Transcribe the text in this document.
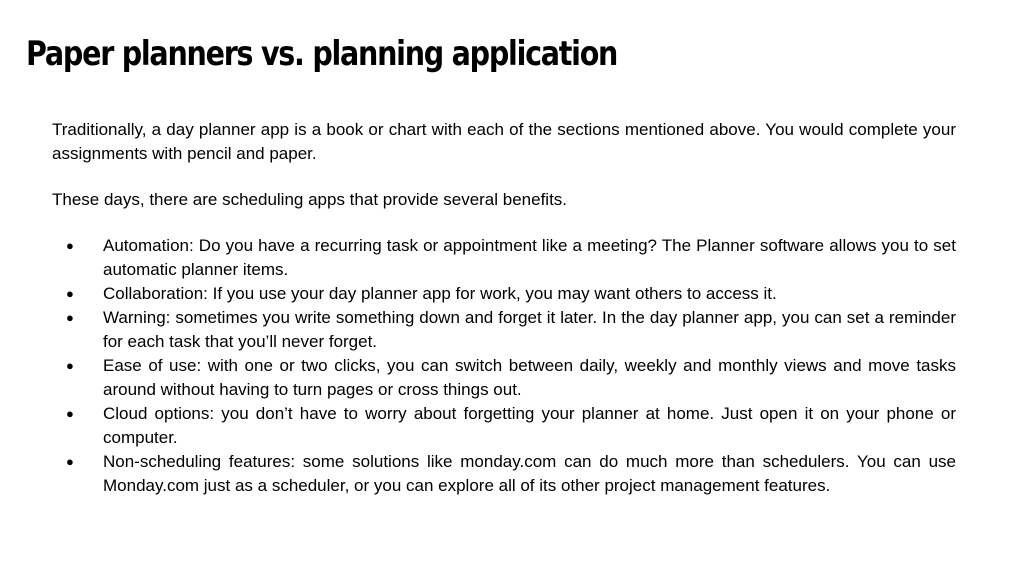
Paper planners vs. planning application

Traditionally, a day planner app is a book or chart with each of the sections mentioned above. You would complete your assignments with pencil and paper.

These days, there are scheduling apps that provide several benefits.

● Automation: Do you have a recurring task or appointment like a meeting? The Planner software allows you to set automatic planner items.
● Collaboration: If you use your day planner app for work, you may want others to access it.
● Warning: sometimes you write something down and forget it later. In the day planner app, you can set a reminder for each task that you’ll never forget.
● Ease of use: with one or two clicks, you can switch between daily, weekly and monthly views and move tasks around without having to turn pages or cross things out.
● Cloud options: you don’t have to worry about forgetting your planner at home. Just open it on your phone or computer.
● Non-scheduling features: some solutions like monday.com can do much more than schedulers. You can use Monday.com just as a scheduler, or you can explore all of its other project management features.
